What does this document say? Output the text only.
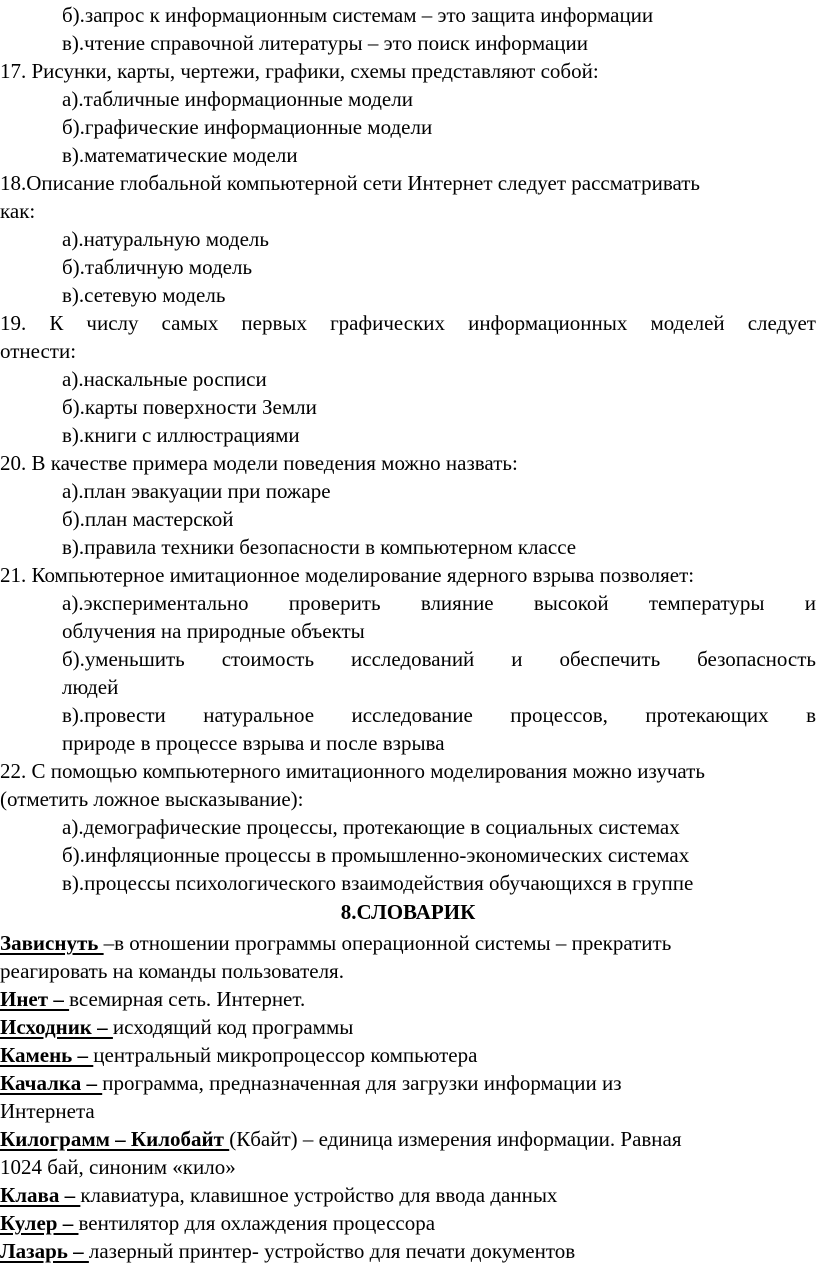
б).запрос к информационным системам – это защита информации
в).чтение справочной литературы – это поиск информации
17. Рисунки, карты, чертежи, графики, схемы представляют собой:
а).табличные информационные модели
б).графические информационные модели
в).математические модели
18.Описание глобальной компьютерной сети Интернет следует рассматривать
как:
а).натуральную модель
б).табличную модель
в).сетевую модель
19. К числу самых первых графических информационных моделей следует
отнести:
а).наскальные росписи
б).карты поверхности Земли
в).книги с иллюстрациями
20. В качестве примера модели поведения можно назвать:
а).план эвакуации при пожаре
б).план мастерской
в).правила техники безопасности в компьютерном классе
21. Компьютерное имитационное моделирование ядерного взрыва позволяет:
а).экспериментально проверить влияние высокой температуры и
облучения на природные объекты
б).уменьшить стоимость исследований и обеспечить безопасность
людей
в).провести натуральное исследование процессов, протекающих в
природе в процессе взрыва и после взрыва
22. С помощью компьютерного имитационного моделирования можно изучать
(отметить ложное высказывание):
а).демографические процессы, протекающие в социальных системах
б).инфляционные процессы в промышленно-экономических системах
в).процессы психологического взаимодействия обучающихся в группе
8.СЛОВАРИК
Зависнуть –в отношении программы операционной системы – прекратить
реагировать на команды пользователя.
Инет – всемирная сеть. Интернет.
Исходник – исходящий код программы
Камень – центральный микропроцессор компьютера
Качалка – программа, предназначенная для загрузки информации из
Интернета
Килограмм – Килобайт (Кбайт) – единица измерения информации. Равная
1024 бай, синоним «кило»
Клава – клавиатура, клавишное устройство для ввода данных
Кулер – вентилятор для охлаждения процессора
Лазарь – лазерный принтер- устройство для печати документов
